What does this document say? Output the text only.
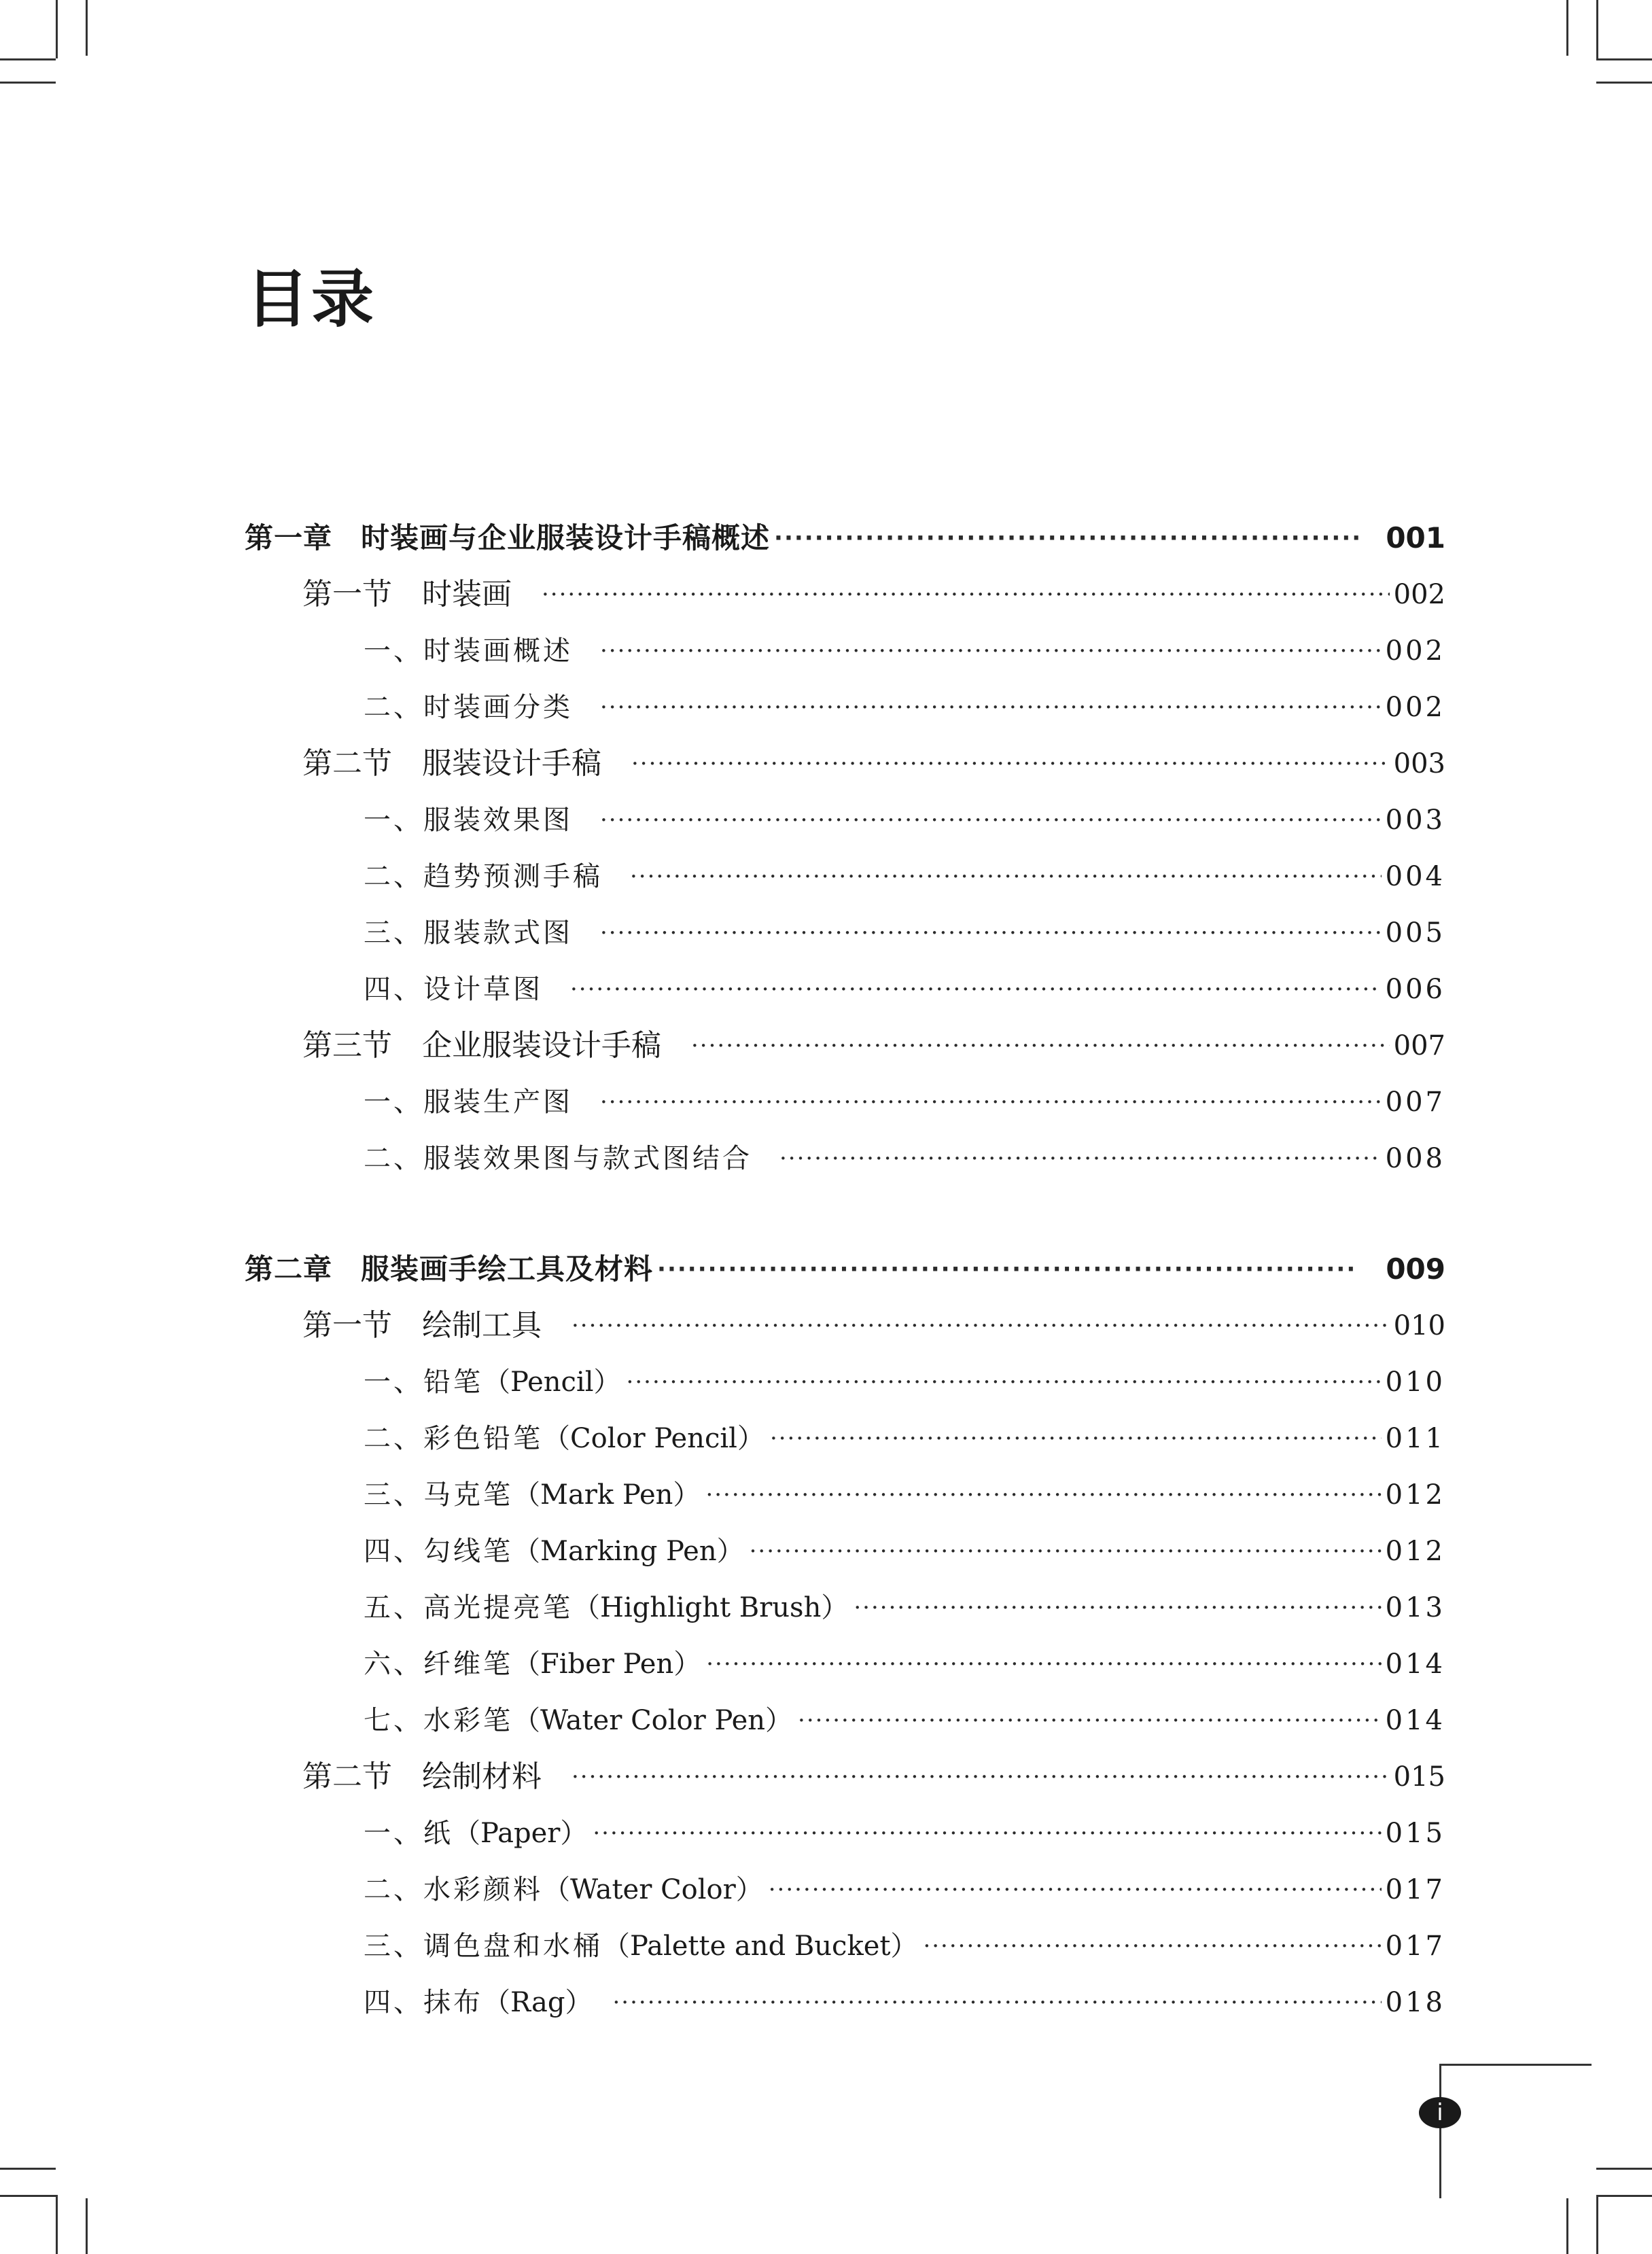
目录
第一章 时装画与企业服装设计手稿概述 ·····	001
第一节 时装画 ·····	002
一、时装画概述 ·····	002
二、时装画分类 ·····	002
第二节 服装设计手稿 ·····	003
一、服装效果图 ·····	003
二、趋势预测手稿 ·····	004
三、服装款式图 ·····	005
四、设计草图 ·····	006
第三节 企业服装设计手稿 ·····	007
一、服装生产图 ·····	007
二、服装效果图与款式图结合 ·····	008
第二章 服装画手绘工具及材料 ·····	009
第一节 绘制工具 ·····	010
一、铅笔（Pencil） ·····	010
二、彩色铅笔（Color Pencil） ·····	011
三、马克笔（Mark Pen） ·····	012
四、勾线笔（Marking Pen） ·····	012
五、高光提亮笔（Highlight Brush） ·····	013
六、纤维笔（Fiber Pen） ·····	014
七、水彩笔（Water Color Pen） ·····	014
第二节 绘制材料 ·····	015
一、纸（Paper） ·····	015
二、水彩颜料（Water Color） ·····	017
三、调色盘和水桶（Palette and Bucket） ·····	017
四、抹布（Rag） ·····	018
i
